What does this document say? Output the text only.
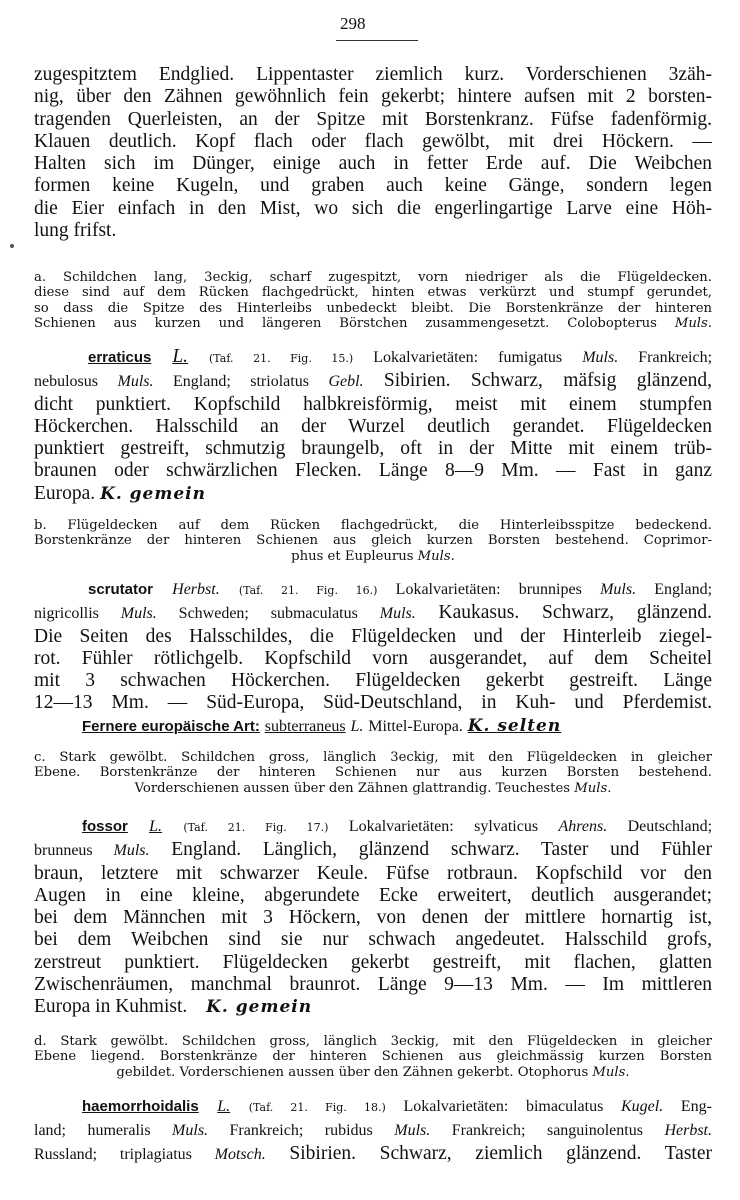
298
zugespitztem Endglied. Lippentaster ziemlich kurz. Vorderschienen 3zäh-
nig, über den Zähnen gewöhnlich fein gekerbt; hintere aufsen mit 2 borsten-
tragenden Querleisten, an der Spitze mit Borstenkranz. Füfse fadenförmig.
Klauen deutlich. Kopf flach oder flach gewölbt, mit drei Höckern. —
Halten sich im Dünger, einige auch in fetter Erde auf. Die Weibchen
formen keine Kugeln, und graben auch keine Gänge, sondern legen
die Eier einfach in den Mist, wo sich die engerlingartige Larve eine Höh-
lung frifst.
a. Schildchen lang, 3eckig, scharf zugespitzt, vorn niedriger als die Flügeldecken.
diese sind auf dem Rücken flachgedrückt, hinten etwas verkürzt und stumpf gerundet,
so dass die Spitze des Hinterleibs unbedeckt bleibt. Die Borstenkränze der hinteren
Schienen aus kurzen und längeren Börstchen zusammengesetzt. Colobopterus Muls.
erraticus L. (Taf. 21. Fig. 15.) Lokalvarietäten: fumigatus Muls. Frankreich;
nebulosus Muls. England; striolatus Gebl. Sibirien. Schwarz, mäfsig glänzend,
dicht punktiert. Kopfschild halbkreisförmig, meist mit einem stumpfen
Höckerchen. Halsschild an der Wurzel deutlich gerandet. Flügeldecken
punktiert gestreift, schmutzig braungelb, oft in der Mitte mit einem trüb-
braunen oder schwärzlichen Flecken. Länge 8—9 Mm. — Fast in ganz
Europa. K. gemein
b. Flügeldecken auf dem Rücken flachgedrückt, die Hinterleibsspitze bedeckend.
Borstenkränze der hinteren Schienen aus gleich kurzen Borsten bestehend. Coprimor-
phus et Eupleurus Muls.
scrutator Herbst. (Taf. 21. Fig. 16.) Lokalvarietäten: brunnipes Muls. England;
nigricollis Muls. Schweden; submaculatus Muls. Kaukasus. Schwarz, glänzend.
Die Seiten des Halsschildes, die Flügeldecken und der Hinterleib ziegel-
rot. Fühler rötlichgelb. Kopfschild vorn ausgerandet, auf dem Scheitel
mit 3 schwachen Höckerchen. Flügeldecken gekerbt gestreift. Länge
12—13 Mm. — Süd-Europa, Süd-Deutschland, in Kuh- und Pferdemist.
Fernere europäische Art: subterraneus L. Mittel-Europa. K. selten
c. Stark gewölbt. Schildchen gross, länglich 3eckig, mit den Flügeldecken in gleicher
Ebene. Borstenkränze der hinteren Schienen nur aus kurzen Borsten bestehend.
Vorderschienen aussen über den Zähnen glattrandig. Teuchestes Muls.
fossor L. (Taf. 21. Fig. 17.) Lokalvarietäten: sylvaticus Ahrens. Deutschland;
brunneus Muls. England. Länglich, glänzend schwarz. Taster und Fühler
braun, letztere mit schwarzer Keule. Füfse rotbraun. Kopfschild vor den
Augen in eine kleine, abgerundete Ecke erweitert, deutlich ausgerandet;
bei dem Männchen mit 3 Höckern, von denen der mittlere hornartig ist,
bei dem Weibchen sind sie nur schwach angedeutet. Halsschild grofs,
zerstreut punktiert. Flügeldecken gekerbt gestreift, mit flachen, glatten
Zwischenräumen, manchmal braunrot. Länge 9—13 Mm. — Im mittleren
Europa in Kuhmist. K. gemein
d. Stark gewölbt. Schildchen gross, länglich 3eckig, mit den Flügeldecken in gleicher
Ebene liegend. Borstenkränze der hinteren Schienen aus gleichmässig kurzen Borsten
gebildet. Vorderschienen aussen über den Zähnen gekerbt. Otophorus Muls.
haemorrhoidalis L. (Taf. 21. Fig. 18.) Lokalvarietäten: bimaculatus Kugel. Eng-
land; humeralis Muls. Frankreich; rubidus Muls. Frankreich; sanguinolentus Herbst.
Russland; triplagiatus Motsch. Sibirien. Schwarz, ziemlich glänzend. Taster
